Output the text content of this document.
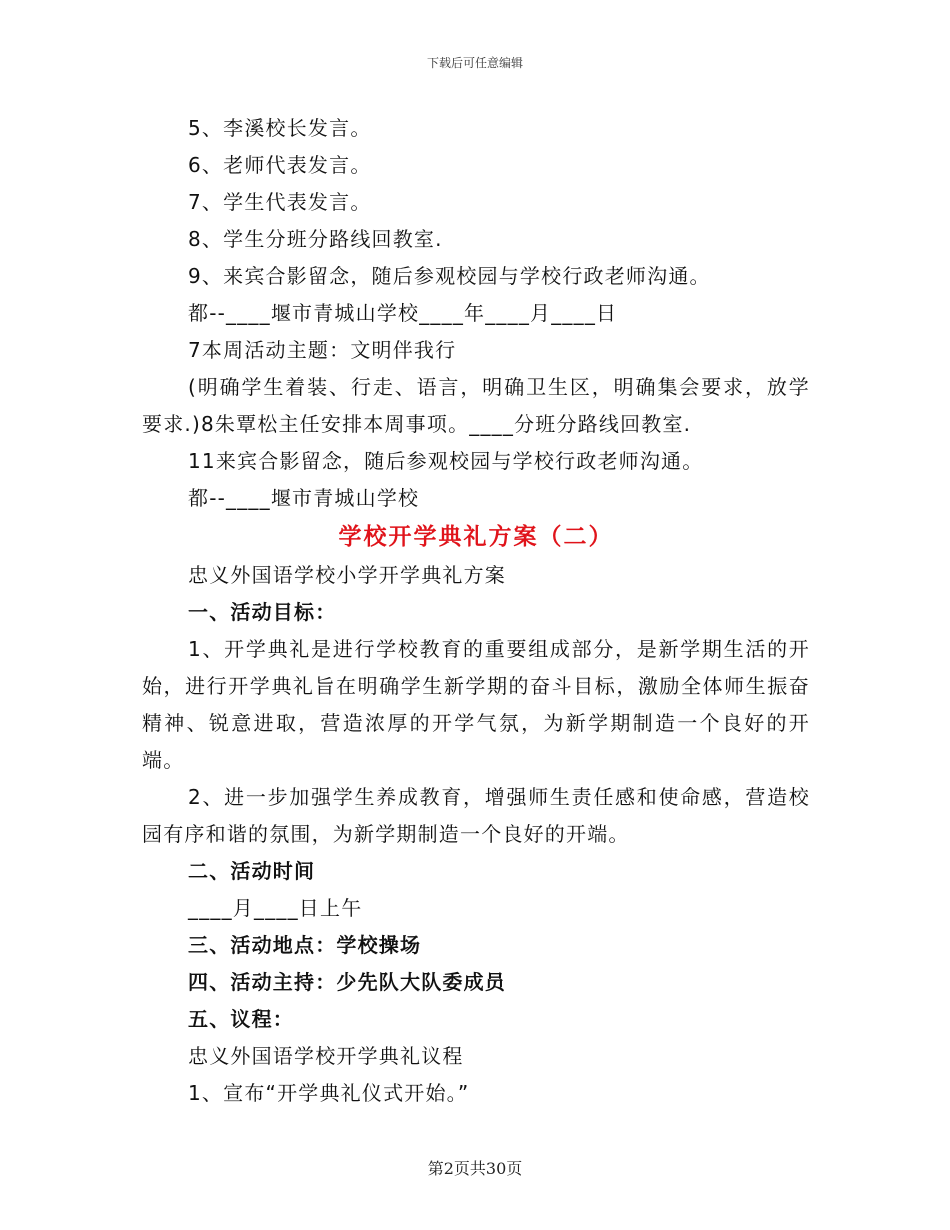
下载后可任意编辑
5、李溪校长发言。
6、老师代表发言。
7、学生代表发言。
8、学生分班分路线回教室.
9、来宾合影留念，随后参观校园与学校行政老师沟通。
都--____堰市青城山学校____年____月____日
7本周活动主题：文明伴我行

(明确学生着装、行走、语言，明确卫生区，明确集会要求，放学要求.)8朱覃松主任安排本周事项。____分班分路线回教室.

11来宾合影留念，随后参观校园与学校行政老师沟通。
都--____堰市青城山学校
学校开学典礼方案（二）
忠义外国语学校小学开学典礼方案
一、活动目标：

1、开学典礼是进行学校教育的重要组成部分，是新学期生活的开始，进行开学典礼旨在明确学生新学期的奋斗目标，激励全体师生振奋精神、锐意进取，营造浓厚的开学气氛，为新学期制造一个良好的开端。

2、进一步加强学生养成教育，增强师生责任感和使命感，营造校园有序和谐的氛围，为新学期制造一个良好的开端。

二、活动时间
____月____日上午
三、活动地点：学校操场
四、活动主持：少先队大队委成员
五、议程：
忠义外国语学校开学典礼议程
1、宣布“开学典礼仪式开始。”
第2页共30页
